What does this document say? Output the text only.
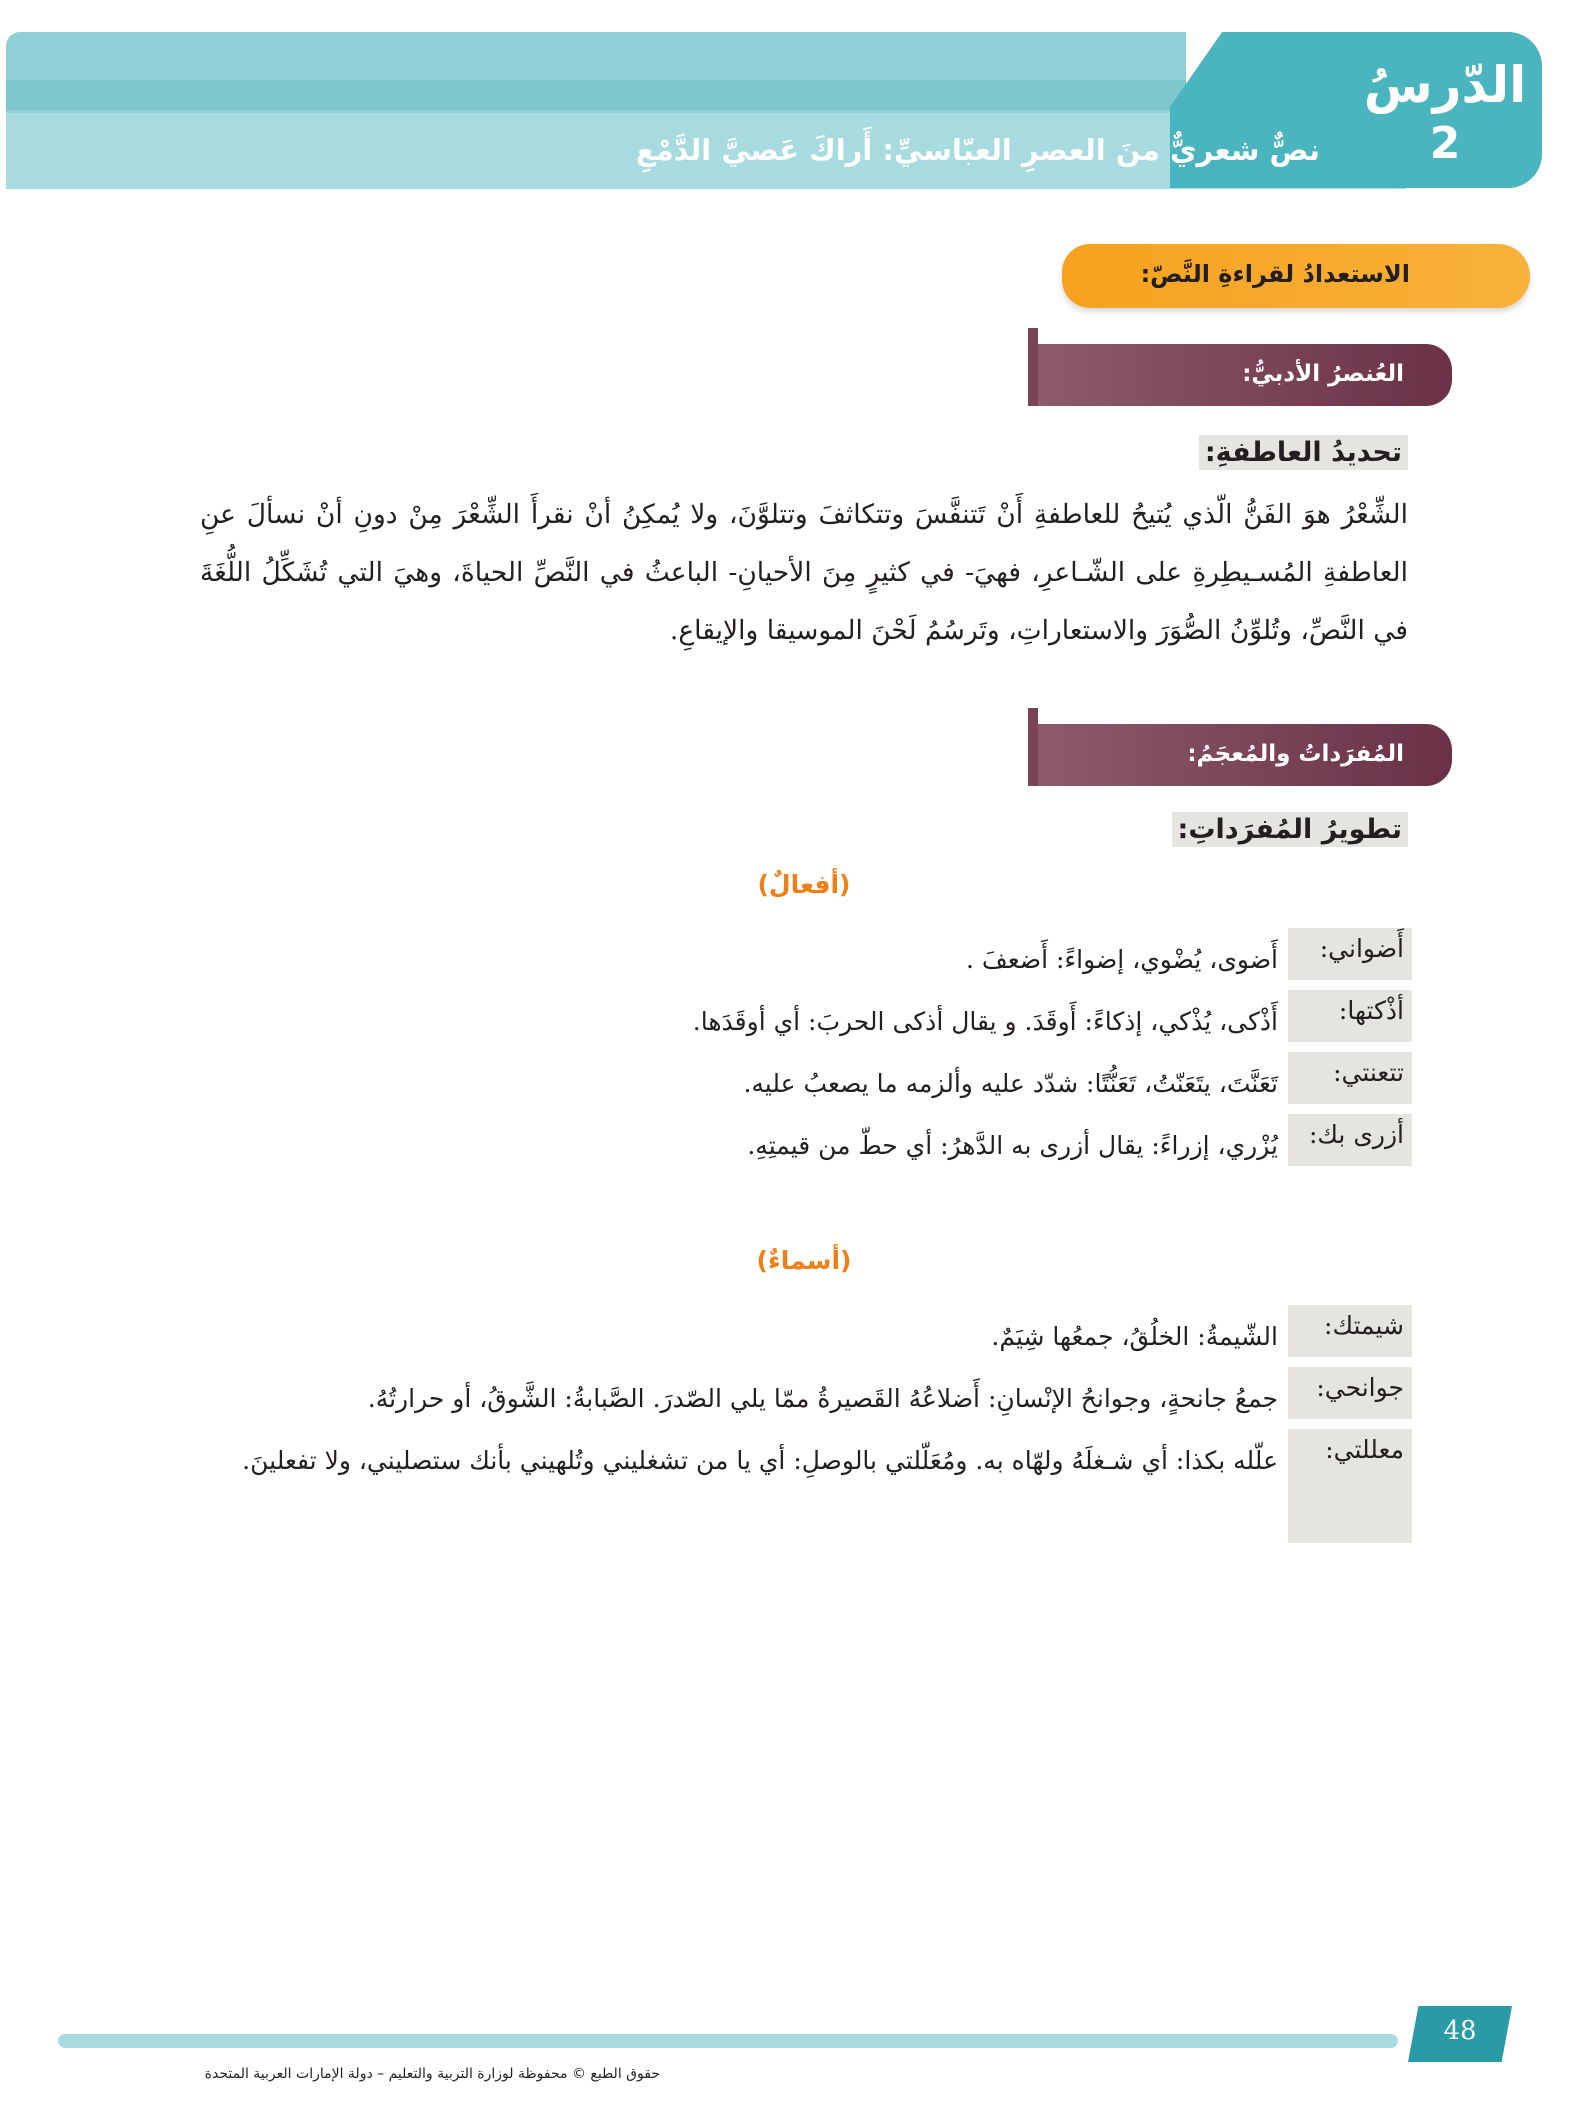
الدّرسُ
2
نصٌّ شعريٌّ منَ العصرِ العبّاسيِّ: أَراكَ عَصيَّ الدَّمْعِ
الاستعدادُ لقراءةِ النَّصّ:
العُنصرُ الأدبيُّ:
تحديدُ العاطفةِ:
الشِّعْرُ هوَ الفَنُّ الّذي يُتيحُ للعاطفةِ أَنْ تَتنفَّسَ وتتكاثفَ وتتلوَّنَ، ولا يُمكِنُ أنْ نقرأَ الشِّعْرَ مِنْ دونِ أنْ نسألَ عنِ العاطفةِ المُسـيطِرةِ على الشّـاعرِ، فهيَ- في كثيرٍ مِنَ الأحيانِ- الباعثُ في النَّصِّ الحياةَ، وهيَ التي تُشَكِّلُ اللُّغَةَ في النَّصِّ، وتُلوِّنُ الصُّوَرَ والاستعاراتِ، وتَرسُمُ لَحْنَ الموسيقا والإيقاعِ.
المُفرَداتُ والمُعجَمُ:
تطويرُ المُفرَداتِ:
(أفعالٌ)
أَضواني:
أَضوى، يُضْوي، إضواءً: أَضعفَ .
أذْكتها:
أَذْكى، يُذْكي، إذكاءً: أَوقَدَ. و يقال أذكى الحربَ: أي أوقَدَها.
تتعنتي:
تَعَنَّتَ، يتَعَنّتُ، تَعَنُّتًا: شدّد عليه وألزمه ما يصعبُ عليه.
أزرى بك:
يُزْري، إزراءً: يقال أزرى به الدَّهرُ: أي حطّ من قيمتِهِ.
(أسماءٌ)
شيمتك:
الشّيمةُ: الخلُقُ، جمعُها شِيَمٌ.
جوانحي:
جمعُ جانحةٍ، وجوانحُ الإنْسانِ: أَضلاعُهُ القَصيرةُ ممّا يلي الصّدرَ. الصَّبابةُ: الشَّوقُ، أو حرارتُهُ.
معللتي:
علّله بكذا: أي شـغلَهُ ولهّاه به. ومُعَلّلتي بالوصلِ: أي يا من تشغليني وتُلهيني بأنك ستصليني، ولا تفعلينَ.
48
حقوق الطبع © محفوظة لوزارة التربية والتعليم – دولة الإمارات العربية المتحدة
